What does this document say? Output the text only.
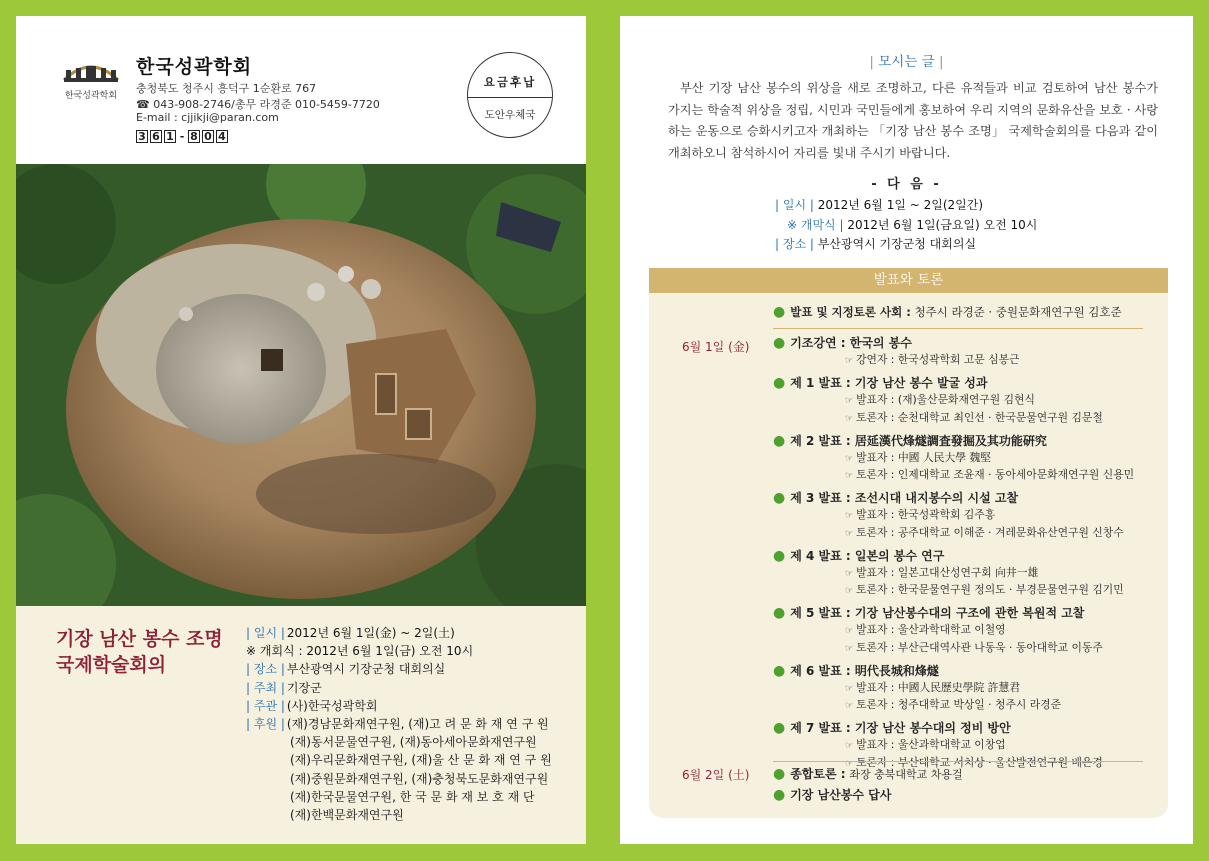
한국성곽학회
한국성곽학회
충청북도 청주시 흥덕구 1순환로 767
☎ 043-908-2746/총무 라경준 010-5459-7720
E-mail : cjjikji@paran.com
3 6 1 - 8 0 4
요금후납
도안우체국
기장 남산 봉수 조명
국제학술회의
| 일시 | 2012년 6월 1일(金) ~ 2일(土)
※ 개회식 : 2012년 6월 1일(금) 오전 10시
| 장소 | 부산광역시 기장군청 대회의실
| 주최 | 기장군
| 주관 | (사)한국성곽학회
| 후원 | (재)경남문화재연구원, (재)고 려 문 화 재 연 구 원
(재)동서문물연구원, (재)동아세아문화재연구원
(재)우리문화재연구원, (재)울 산 문 화 재 연 구 원
(재)중원문화재연구원, (재)충청북도문화재연구원
(재)한국문물연구원, 한 국 문 화 재 보 호 재 단
(재)한백문화재연구원
| 모시는 글 |
부산 기장 남산 봉수의 위상을 새로 조명하고, 다른 유적들과 비교 검토하여 남산 봉수가 가지는 학술적 위상을 정립, 시민과 국민들에게 홍보하여 우리 지역의 문화유산을 보호 · 사랑하는 운동으로 승화시키고자 개최하는 「기장 남산 봉수 조명」 국제학술회의를 다음과 같이 개최하오니 참석하시어 자리를 빛내 주시기 바랍니다.
- 다 음 -
| 일시 | 2012년 6월 1일 ~ 2일(2일간)
※ 개막식 | 2012년 6월 1일(금요일) 오전 10시
| 장소 | 부산광역시 기장군청 대회의실
발표와 토론
● 발표 및 지정토론 사회 : 청주시 라경준 · 중원문화재연구원 김호준
6월 1일 (金) ● 기조강연 : 한국의 봉수
☞ 강연자 : 한국성곽학회 고문 심봉근
● 제 1 발표 : 기장 남산 봉수 발굴 성과
☞ 발표자 : (재)울산문화재연구원 김현식
☞ 토론자 : 순천대학교 최인선 · 한국문물연구원 김문철
● 제 2 발표 : 居延漢代烽燧調査發掘及其功能硏究
☞ 발표자 : 中國 人民大學 魏堅
☞ 토론자 : 인제대학교 조윤재 · 동아세아문화재연구원 신용민
● 제 3 발표 : 조선시대 내지봉수의 시설 고찰
☞ 발표자 : 한국성곽학회 김주홍
☞ 토론자 : 공주대학교 이해준 · 겨레문화유산연구원 신창수
● 제 4 발표 : 일본의 봉수 연구
☞ 발표자 : 일본고대산성연구회 向井一雄
☞ 토론자 : 한국문물연구원 정의도 · 부경문물연구원 김기민
● 제 5 발표 : 기장 남산봉수대의 구조에 관한 복원적 고찰
☞ 발표자 : 울산과학대학교 이철영
☞ 토론자 : 부산근대역사관 나동욱 · 동아대학교 이동주
● 제 6 발표 : 明代長城和烽燧
☞ 발표자 : 中國人民歷史學院 許慧君
☞ 토론자 : 청주대학교 박상일 · 청주시 라경준
● 제 7 발표 : 기장 남산 봉수대의 정비 방안
☞ 발표자 : 울산과학대학교 이창업
☞ 토론자 : 부산대학교 서치상 · 울산발전연구원 배은경
6월 2일 (土) ● 종합토론 : 좌장 충북대학교 차용걸
● 기장 남산봉수 답사
